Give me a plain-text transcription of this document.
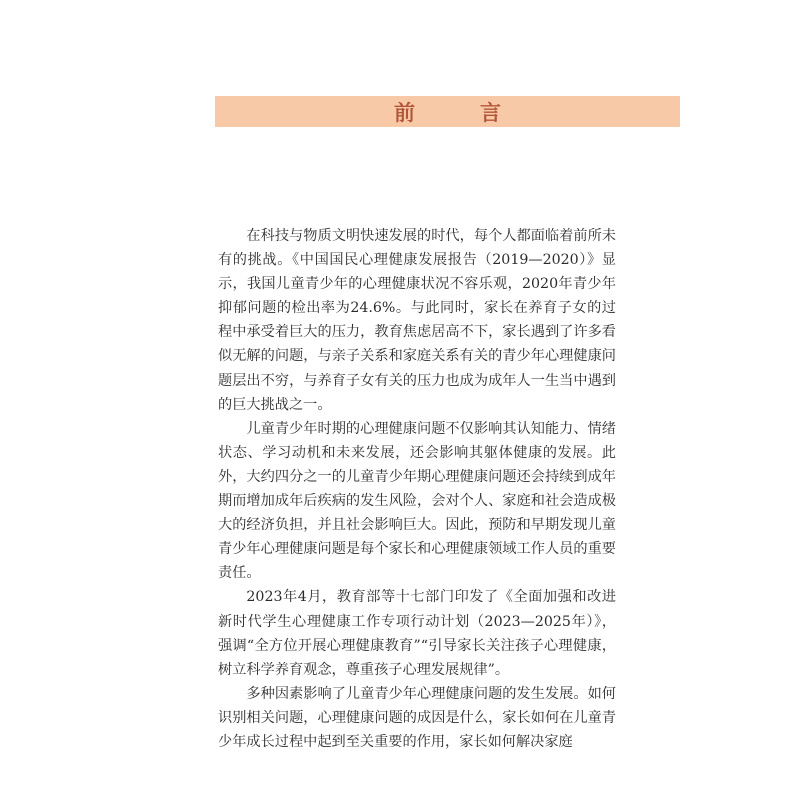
前　言

在科技与物质文明快速发展的时代，每个人都面临着前所未有的挑战。《中国国民心理健康发展报告（2019—2020）》显示，我国儿童青少年的心理健康状况不容乐观，2020年青少年抑郁问题的检出率为24.6%。与此同时，家长在养育子女的过程中承受着巨大的压力，教育焦虑居高不下，家长遇到了许多看似无解的问题，与亲子关系和家庭关系有关的青少年心理健康问题层出不穷，与养育子女有关的压力也成为成年人一生当中遇到的巨大挑战之一。

儿童青少年时期的心理健康问题不仅影响其认知能力、情绪状态、学习动机和未来发展，还会影响其躯体健康的发展。此外，大约四分之一的儿童青少年期心理健康问题还会持续到成年期而增加成年后疾病的发生风险，会对个人、家庭和社会造成极大的经济负担，并且社会影响巨大。因此，预防和早期发现儿童青少年心理健康问题是每个家长和心理健康领域工作人员的重要责任。

2023年4月，教育部等十七部门印发了《全面加强和改进新时代学生心理健康工作专项行动计划（2023—2025年）》，强调“全方位开展心理健康教育”“引导家长关注孩子心理健康，树立科学养育观念，尊重孩子心理发展规律”。

多种因素影响了儿童青少年心理健康问题的发生发展。如何识别相关问题，心理健康问题的成因是什么，家长如何在儿童青少年成长过程中起到至关重要的作用，家长如何解决家庭
